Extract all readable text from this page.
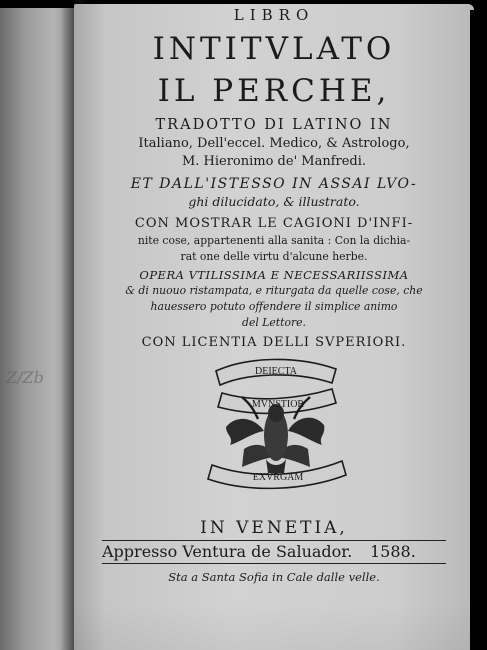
Z/Zb
LIBRO
INTITVLATO
IL PERCHE,
TRADOTTO DI LATINO IN
Italiano, Dell'eccel. Medico, & Astrologo,
M. Hieronimo de' Manfredi.
ET DALL'ISTESSO IN ASSAI LVO-
ghi dilucidato, & illustrato.
CON MOSTRAR LE CAGIONI D'INFI-
nite cose, appartenenti alla sanita : Con la dichia-
rat one delle virtu d'alcune herbe.
OPERA VTILISSIMA E NECESSARIISSIMA
& di nuouo ristampata, e riturgata da quelle cose, che
hauessero potuto offendere il simplice animo
del Lettore.
CON LICENTIA DELLI SVPERIORI.
DEIECTA
MVNSTIOR
EXVRGAM
IN VENETIA,
Appresso Ventura de Saluador. 1588.
Sta a Santa Sofia in Cale dalle velle.
